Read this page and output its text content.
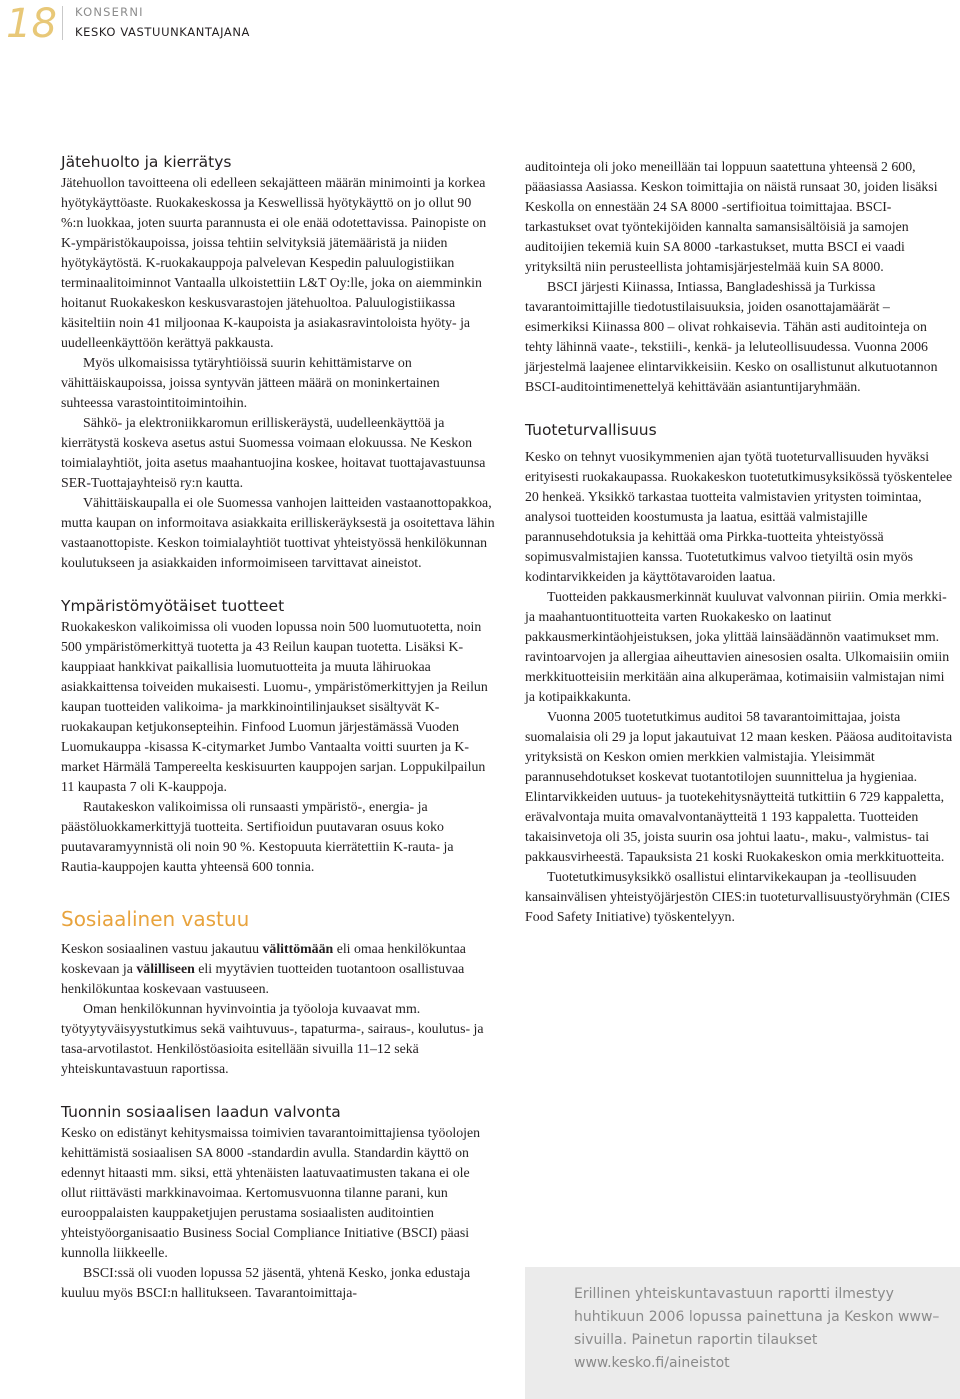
18 KONSERNI
KESKO VASTUUNKANTAJANA
Jätehuolto ja kierrätys

Jätehuollon tavoitteena oli edelleen sekajätteen määrän minimointi ja korkea hyötykäyttöaste. Ruokakeskossa ja Keswellissä hyötykäyttö on jo ollut 90 %:n luokkaa, joten suurta parannusta ei ole enää odotettavissa. Painopiste on K-ympäristökaupoissa, joissa tehtiin selvityksiä jätemääristä ja niiden hyötykäytöstä. K-ruokakauppoja palvelevan Kespedin paluulogistiikan terminaalitoiminnot Vantaalla ulkoistettiin L&T Oy:lle, joka on aiemminkin hoitanut Ruokakeskon keskusvarastojen jätehuoltoa. Paluulogistiikassa käsiteltiin noin 41 miljoonaa K-kaupoista ja asiakasravintoloista hyöty- ja uudelleenkäyttöön kerättyä pakkausta.

Myös ulkomaisissa tytäryhtiöissä suurin kehittämistarve on vähittäiskaupoissa, joissa syntyvän jätteen määrä on moninkertainen suhteessa varastointitoimintoihin.

Sähkö- ja elektroniikkaromun erilliskeräystä, uudelleenkäyttöä ja kierrätystä koskeva asetus astui Suomessa voimaan elokuussa. Ne Keskon toimialayhtiöt, joita asetus maahantuojina koskee, hoitavat tuottajavastuunsa SER-Tuottajayhteisö ry:n kautta.

Vähittäiskaupalla ei ole Suomessa vanhojen laitteiden vastaanottopakkoa, mutta kaupan on informoitava asiakkaita erilliskeräyksestä ja osoitettava lähin vastaanottopiste. Keskon toimialayhtiöt tuottivat yhteistyössä henkilökunnan koulutukseen ja asiakkaiden informoimiseen tarvittavat aineistot.

Ympäristömyötäiset tuotteet

Ruokakeskon valikoimissa oli vuoden lopussa noin 500 luomutuotetta, noin 500 ympäristömerkittyä tuotetta ja 43 Reilun kaupan tuotetta. Lisäksi K-kauppiaat hankkivat paikallisia luomutuotteita ja muuta lähiruokaa asiakkaittensa toiveiden mukaisesti. Luomu-, ympäristömerkittyjen ja Reilun kaupan tuotteiden valikoima- ja markkinointilinjaukset sisältyvät K-ruokakaupan ketjukonsepteihin. Finfood Luomun järjestämässä Vuoden Luomukauppa -kisassa K-citymarket Jumbo Vantaalta voitti suurten ja K-market Härmälä Tampereelta keskisuurten kauppojen sarjan. Loppukilpailun 11 kaupasta 7 oli K-kauppoja.

Rautakeskon valikoimissa oli runsaasti ympäristö-, energia- ja päästöluokkamerkittyjä tuotteita. Sertifioidun puutavaran osuus koko puutavaramyynnistä oli noin 90 %. Kestopuuta kierrätettiin K-rauta- ja Rautia-kauppojen kautta yhteensä 600 tonnia.

Sosiaalinen vastuu

Keskon sosiaalinen vastuu jakautuu välittömään eli omaa henkilökuntaa koskevaan ja välilliseen eli myytävien tuotteiden tuotantoon osallistuvaa henkilökuntaa koskevaan vastuuseen.

Oman henkilökunnan hyvinvointia ja työoloja kuvaavat mm. työtyytyväisyystutkimus sekä vaihtuvuus-, tapaturma-, sairaus-, koulutus- ja tasa-arvotilastot. Henkilöstöasioita esitellään sivuilla 11–12 sekä yhteiskuntavastuun raportissa.

Tuonnin sosiaalisen laadun valvonta

Kesko on edistänyt kehitysmaissa toimivien tavarantoimittajiensa työolojen kehittämistä sosiaalisen SA 8000 -standardin avulla. Standardin käyttö on edennyt hitaasti mm. siksi, että yhtenäisten laatuvaatimusten takana ei ole ollut riittävästi markkinavoimaa. Kertomusvuonna tilanne parani, kun eurooppalaisten kauppaketjujen perustama sosiaalisten auditointien yhteistyöorganisaatio Business Social Compliance Initiative (BSCI) päasi kunnolla liikkeelle.

BSCI:ssä oli vuoden lopussa 52 jäsentä, yhtenä Kesko, jonka edustaja kuuluu myös BSCI:n hallitukseen. Tavarantoimittaja-

auditointeja oli joko meneillään tai loppuun saatettuna yhteensä 2 600, pääasiassa Aasiassa. Keskon toimittajia on näistä runsaat 30, joiden lisäksi Keskolla on ennestään 24 SA 8000 -sertifioitua toimittajaa. BSCI-tarkastukset ovat työntekijöiden kannalta samansisältöisiä ja samojen auditoijien tekemiä kuin SA 8000 -tarkastukset, mutta BSCI ei vaadi yrityksiltä niin perusteellista johtamisjärjestelmää kuin SA 8000.

BSCI järjesti Kiinassa, Intiassa, Bangladeshissä ja Turkissa tavarantoimittajille tiedotustilaisuuksia, joiden osanottajamäärät – esimerkiksi Kiinassa 800 – olivat rohkaisevia. Tähän asti auditointeja on tehty lähinnä vaate-, tekstiili-, kenkä- ja leluteollisuudessa. Vuonna 2006 järjestelmä laajenee elintarvikkeisiin. Kesko on osallistunut alkutuotannon BSCI-auditointimenettelyä kehittävään asiantuntijaryhmään.

Tuoteturvallisuus

Kesko on tehnyt vuosikymmenien ajan työtä tuoteturvallisuuden hyväksi erityisesti ruokakaupassa. Ruokakeskon tuotetutkimusyksikössä työskentelee 20 henkeä. Yksikkö tarkastaa tuotteita valmistavien yritysten toimintaa, analysoi tuotteiden koostumusta ja laatua, esittää valmistajille parannusehdotuksia ja kehittää oma Pirkka-tuotteita yhteistyössä sopimusvalmistajien kanssa. Tuotetutkimus valvoo tietyiltä osin myös kodintarvikkeiden ja käyttötavaroiden laatua.

Tuotteiden pakkausmerkinnät kuuluvat valvonnan piiriin. Omia merkki- ja maahantuontituotteita varten Ruokakesko on laatinut pakkausmerkintäohjeistuksen, joka ylittää lainsäädännön vaatimukset mm. ravintoarvojen ja allergiaa aiheuttavien ainesosien osalta. Ulkomaisiin omiin merkkituotteisiin merkitään aina alkuperämaa, kotimaisiin valmistajan nimi ja kotipaikkakunta.

Vuonna 2005 tuotetutkimus auditoi 58 tavarantoimittajaa, joista suomalaisia oli 29 ja loput jakautuivat 12 maan kesken. Pääosa auditoitavista yrityksistä on Keskon omien merkkien valmistajia. Yleisimmät parannusehdotukset koskevat tuotantotilojen suunnittelua ja hygieniaa. Elintarvikkeiden uutuus- ja tuotekehitysnäytteitä tutkittiin 6 729 kappaletta, erävalvontaja muita omavalvontanäytteitä 1 193 kappaletta. Tuotteiden takaisinvetoja oli 35, joista suurin osa johtui laatu-, maku-, valmistus- tai pakkausvirheestä. Tapauksista 21 koski Ruokakeskon omia merkkituotteita.

Tuotetutkimusyksikkö osallistui elintarvikekaupan ja -teollisuuden kansainvälisen yhteistyöjärjestön CIES:in tuoteturvallisuustyöryhmän (CIES Food Safety Initiative) työskentelyyn.

Erillinen yhteiskuntavastuun raportti ilmestyy huhtikuun 2006 lopussa painettuna ja Keskon www–sivuilla. Painetun raportin tilaukset www.kesko.fi/aineistot
